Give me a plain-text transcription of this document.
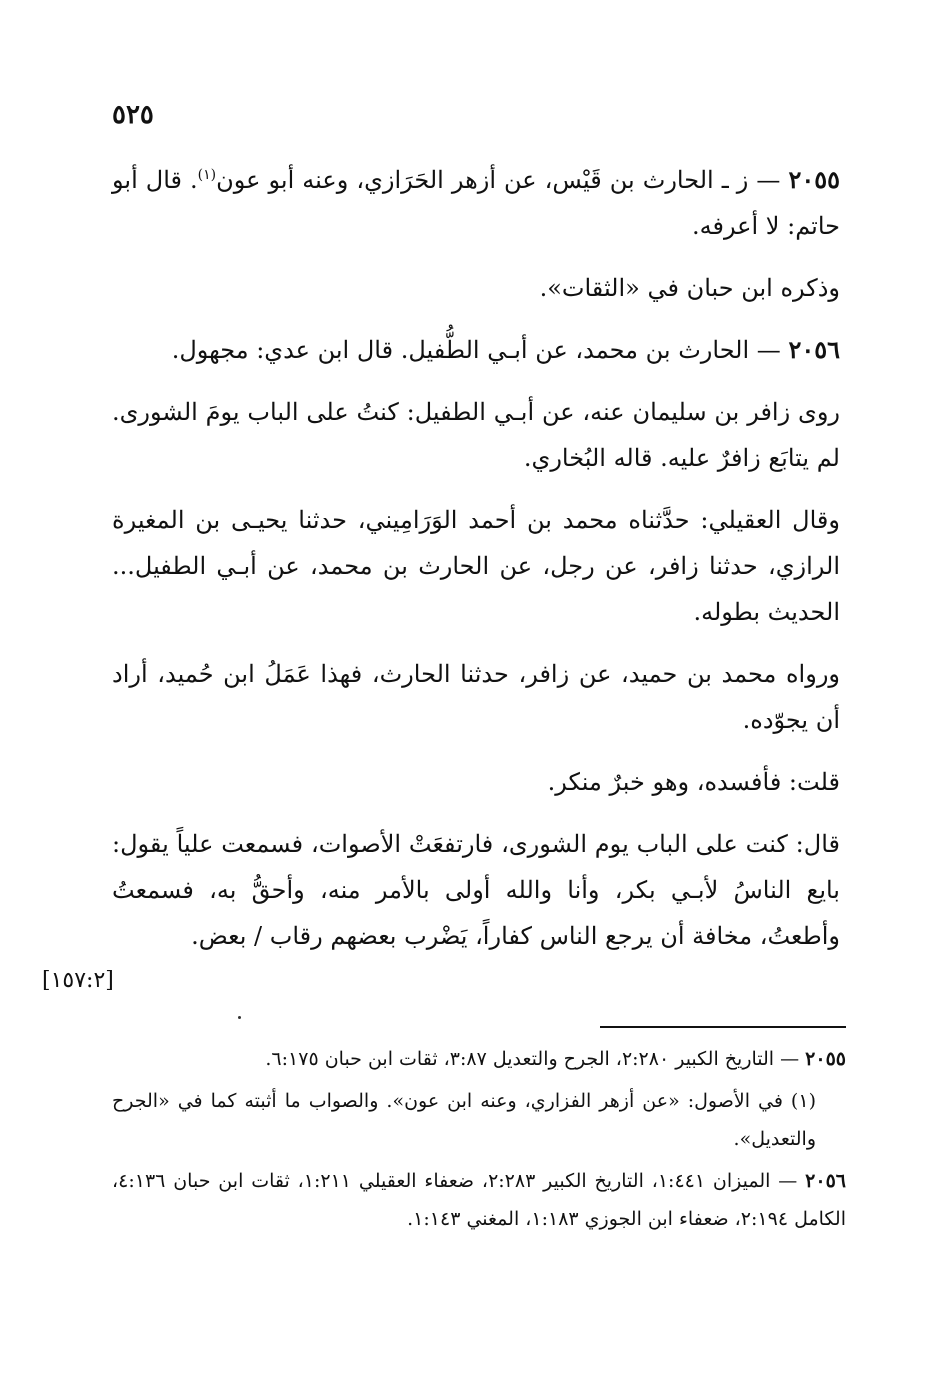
٥٢٥

٢٠٥٥ — ز ـ الحارث بن قَيْس، عن أزهر الحَرَازي، وعنه أبو عون$^{(١)}$. قال أبو حاتم: لا أعرفه.

وذكره ابن حبان في «الثقات».

٢٠٥٦ — الحارث بن محمد، عن أبـي الطُّفيل. قال ابن عدي: مجهول.

روى زافر بن سليمان عنه، عن أبـي الطفيل: كنتُ على الباب يومَ الشورى. لم يتابَع زافرٌ عليه. قاله البُخاري.

وقال العقيلي: حدَّثناه محمد بن أحمد الوَرَامِيني، حدثنا يحيـى بن المغيرة الرازي، حدثنا زافر، عن رجل، عن الحارث بن محمد، عن أبـي الطفيل... الحديث بطوله.

ورواه محمد بن حميد، عن زافر، حدثنا الحارث، فهذا عَمَلُ ابن حُميد، أراد أن يجوّده.

قلت: فأفسده، وهو خبرٌ منكر.

قال: كنت على الباب يوم الشورى، فارتفعَتْ الأصوات، فسمعت علياً يقول: بايع الناسُ لأبـي بكر، وأنا والله أولى بالأمر منه، وأحقُّ به، فسمعتُ وأطعتُ، مخافة أن يرجع الناس كفاراً، يَضْرب بعضهم رقاب / بعض.

[١٥٧:٢]

٢٠٥٥ — التاريخ الكبير ٢:٢٨٠، الجرح والتعديل ٣:٨٧، ثقات ابن حبان ٦:١٧٥.

(١) في الأصول: «عن أزهر الفزاري، وعنه ابن عون». والصواب ما أثبته كما في «الجرح والتعديل».

٢٠٥٦ — الميزان ١:٤٤١، التاريخ الكبير ٢:٢٨٣، ضعفاء العقيلي ١:٢١١، ثقات ابن حبان ٤:١٣٦، الكامل ٢:١٩٤، ضعفاء ابن الجوزي ١:١٨٣، المغني ١:١٤٣.
